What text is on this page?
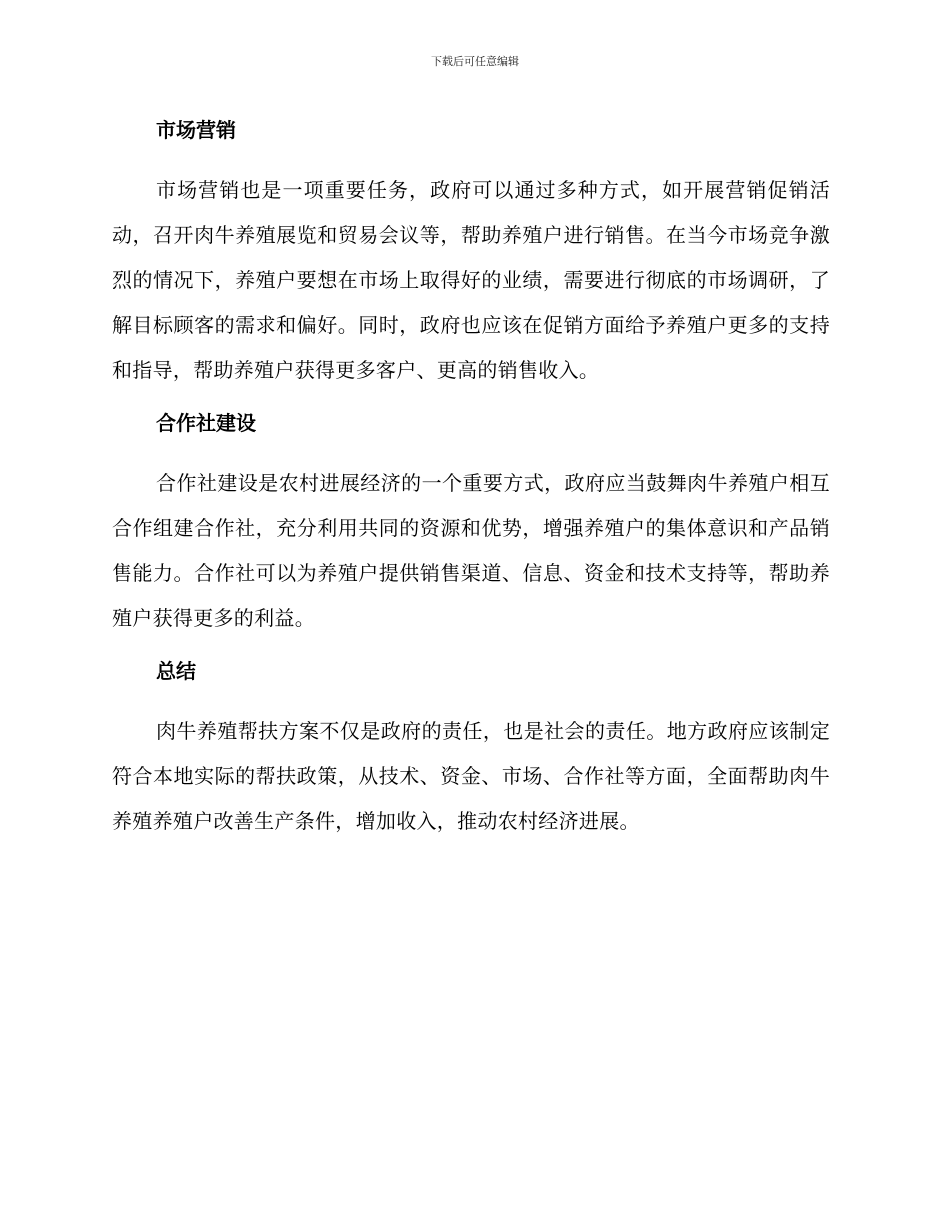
下载后可任意编辑
市场营销

市场营销也是一项重要任务，政府可以通过多种方式，如开展营销促销活动，召开肉牛养殖展览和贸易会议等，帮助养殖户进行销售。在当今市场竞争激烈的情况下，养殖户要想在市场上取得好的业绩，需要进行彻底的市场调研，了解目标顾客的需求和偏好。同时，政府也应该在促销方面给予养殖户更多的支持和指导，帮助养殖户获得更多客户、更高的销售收入。

合作社建设

合作社建设是农村进展经济的一个重要方式，政府应当鼓舞肉牛养殖户相互合作组建合作社，充分利用共同的资源和优势，增强养殖户的集体意识和产品销售能力。合作社可以为养殖户提供销售渠道、信息、资金和技术支持等，帮助养殖户获得更多的利益。

总结

肉牛养殖帮扶方案不仅是政府的责任，也是社会的责任。地方政府应该制定符合本地实际的帮扶政策，从技术、资金、市场、合作社等方面，全面帮助肉牛养殖养殖户改善生产条件，增加收入，推动农村经济进展。
